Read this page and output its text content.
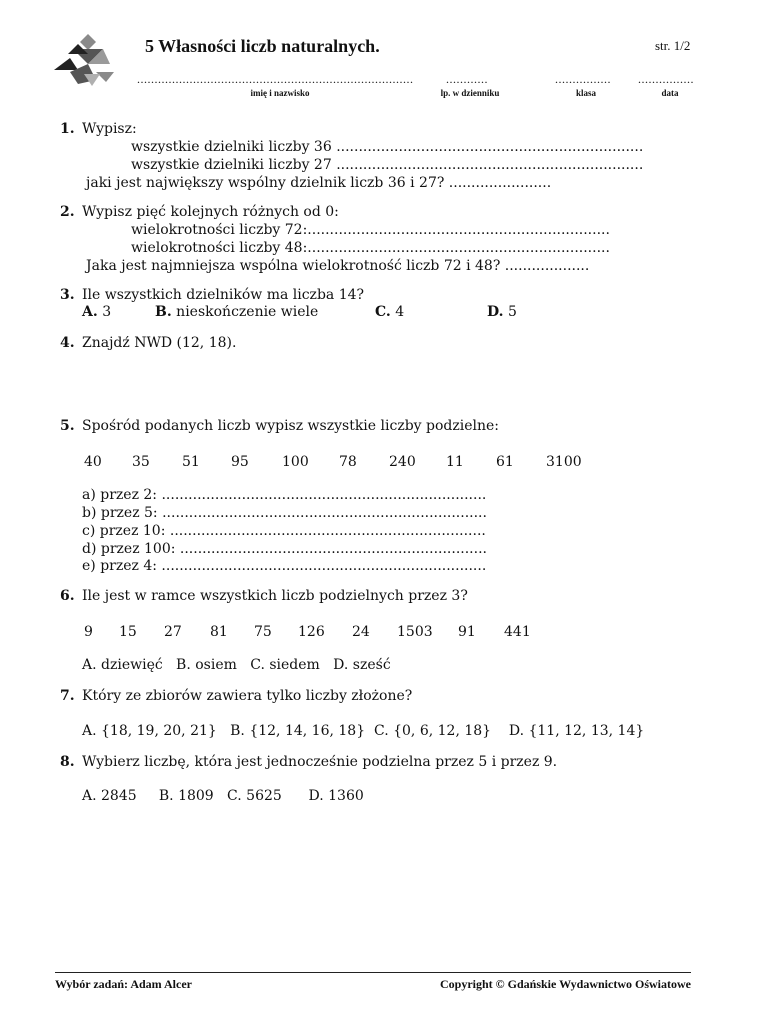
5 Własności liczb naturalnych.	str. 1/2
...............................................................................	............	................ ................
imię i nazwisko	lp. w dzienniku	klasa	data
1. Wypisz:
wszystkie dzielniki liczby 36 .....................................................................
wszystkie dzielniki liczby 27 .....................................................................
jaki jest największy wspólny dzielnik liczb 36 i 27? .......................
2. Wypisz pięć kolejnych różnych od 0:
wielokrotności liczby 72:....................................................................
wielokrotności liczby 48:....................................................................
Jaka jest najmniejsza wspólna wielokrotność liczb 72 i 48? ...................
3. Ile wszystkich dzielników ma liczba 14?
A. 3	B. nieskończenie wiele	C. 4	D. 5
4. Znajdź NWD (12, 18).
5. Spośród podanych liczb wypisz wszystkie liczby podzielne:
40 35 51 95 100 78 240 11 61 3100
a) przez 2: .........................................................................
b) przez 5: .........................................................................
c) przez 10: .......................................................................
d) przez 100: .....................................................................
e) przez 4: .........................................................................
6. Ile jest w ramce wszystkich liczb podzielnych przez 3?
9 15 27 81 75 126 24 1503 91 441
A. dziewięć   B. osiem   C. siedem   D. sześć
7. Który ze zbiorów zawiera tylko liczby złożone?
A. {18, 19, 20, 21}   B. {12, 14, 16, 18}  C. {0, 6, 12, 18}    D. {11, 12, 13, 14}
8. Wybierz liczbę, która jest jednocześnie podzielna przez 5 i przez 9.
A. 2845     B. 1809   C. 5625      D. 1360
Wybór zadań: Adam Alcer	Copyright © Gdańskie Wydawnictwo Oświatowe
